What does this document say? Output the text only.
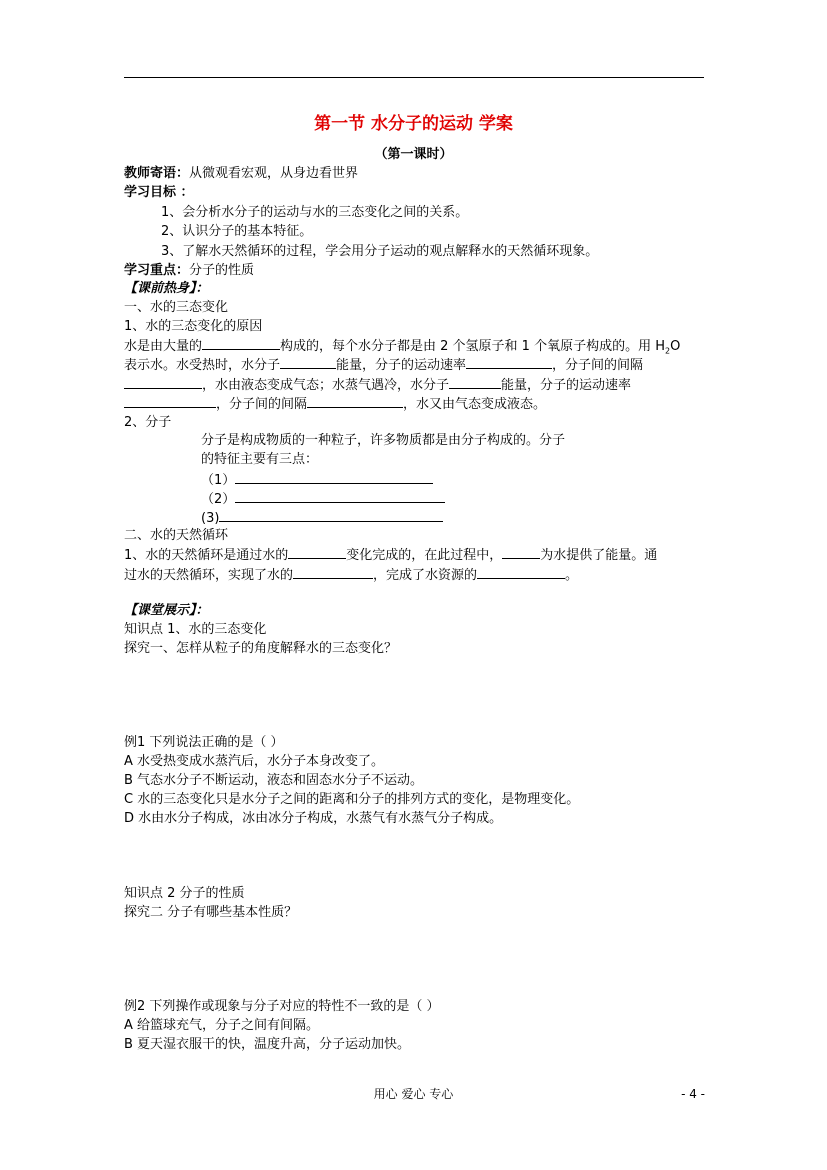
第一节 水分子的运动 学案
（第一课时）
教师寄语：从微观看宏观，从身边看世界
学习目标 ：
1、会分析水分子的运动与水的三态变化之间的关系。
2、认识分子的基本特征。
3、了解水天然循环的过程，学会用分子运动的观点解释水的天然循环现象。
学习重点：分子的性质
【课前热身】：
一、水的三态变化
1、水的三态变化的原因
水是由大量的	构成的，每个水分子都是由 2 个氢原子和 1 个氧原子构成的。用 $H_2O$
表示水。水受热时，水分子	能量，分子的运动速率	，分子间的间隔
，水由液态变成气态；水蒸气遇冷，水分子	能量，分子的运动速率
，分子间的间隔	，水又由气态变成液态。
2、分子
分子是构成物质的一种粒子，许多物质都是由分子构成的。分子
的特征主要有三点：
（1）
（2）
(3)
二、水的天然循环
1、水的天然循环是通过水的	变化完成的，在此过程中，	为水提供了能量。通
过水的天然循环，实现了水的	，完成了水资源的	。
【课堂展示】：
知识点 1、水的三态变化
探究一、怎样从粒子的角度解释水的三态变化？
例1 下列说法正确的是（ ）
A 水受热变成水蒸汽后，水分子本身改变了。
B 气态水分子不断运动，液态和固态水分子不运动。
C 水的三态变化只是水分子之间的距离和分子的排列方式的变化，是物理变化。
D 水由水分子构成，冰由冰分子构成，水蒸气有水蒸气分子构成。
知识点 2 分子的性质
探究二 分子有哪些基本性质？
例2 下列操作或现象与分子对应的特性不一致的是（ ）
A 给篮球充气，分子之间有间隔。
B 夏天湿衣服干的快，温度升高，分子运动加快。
用心 爱心 专心	- 4 -
